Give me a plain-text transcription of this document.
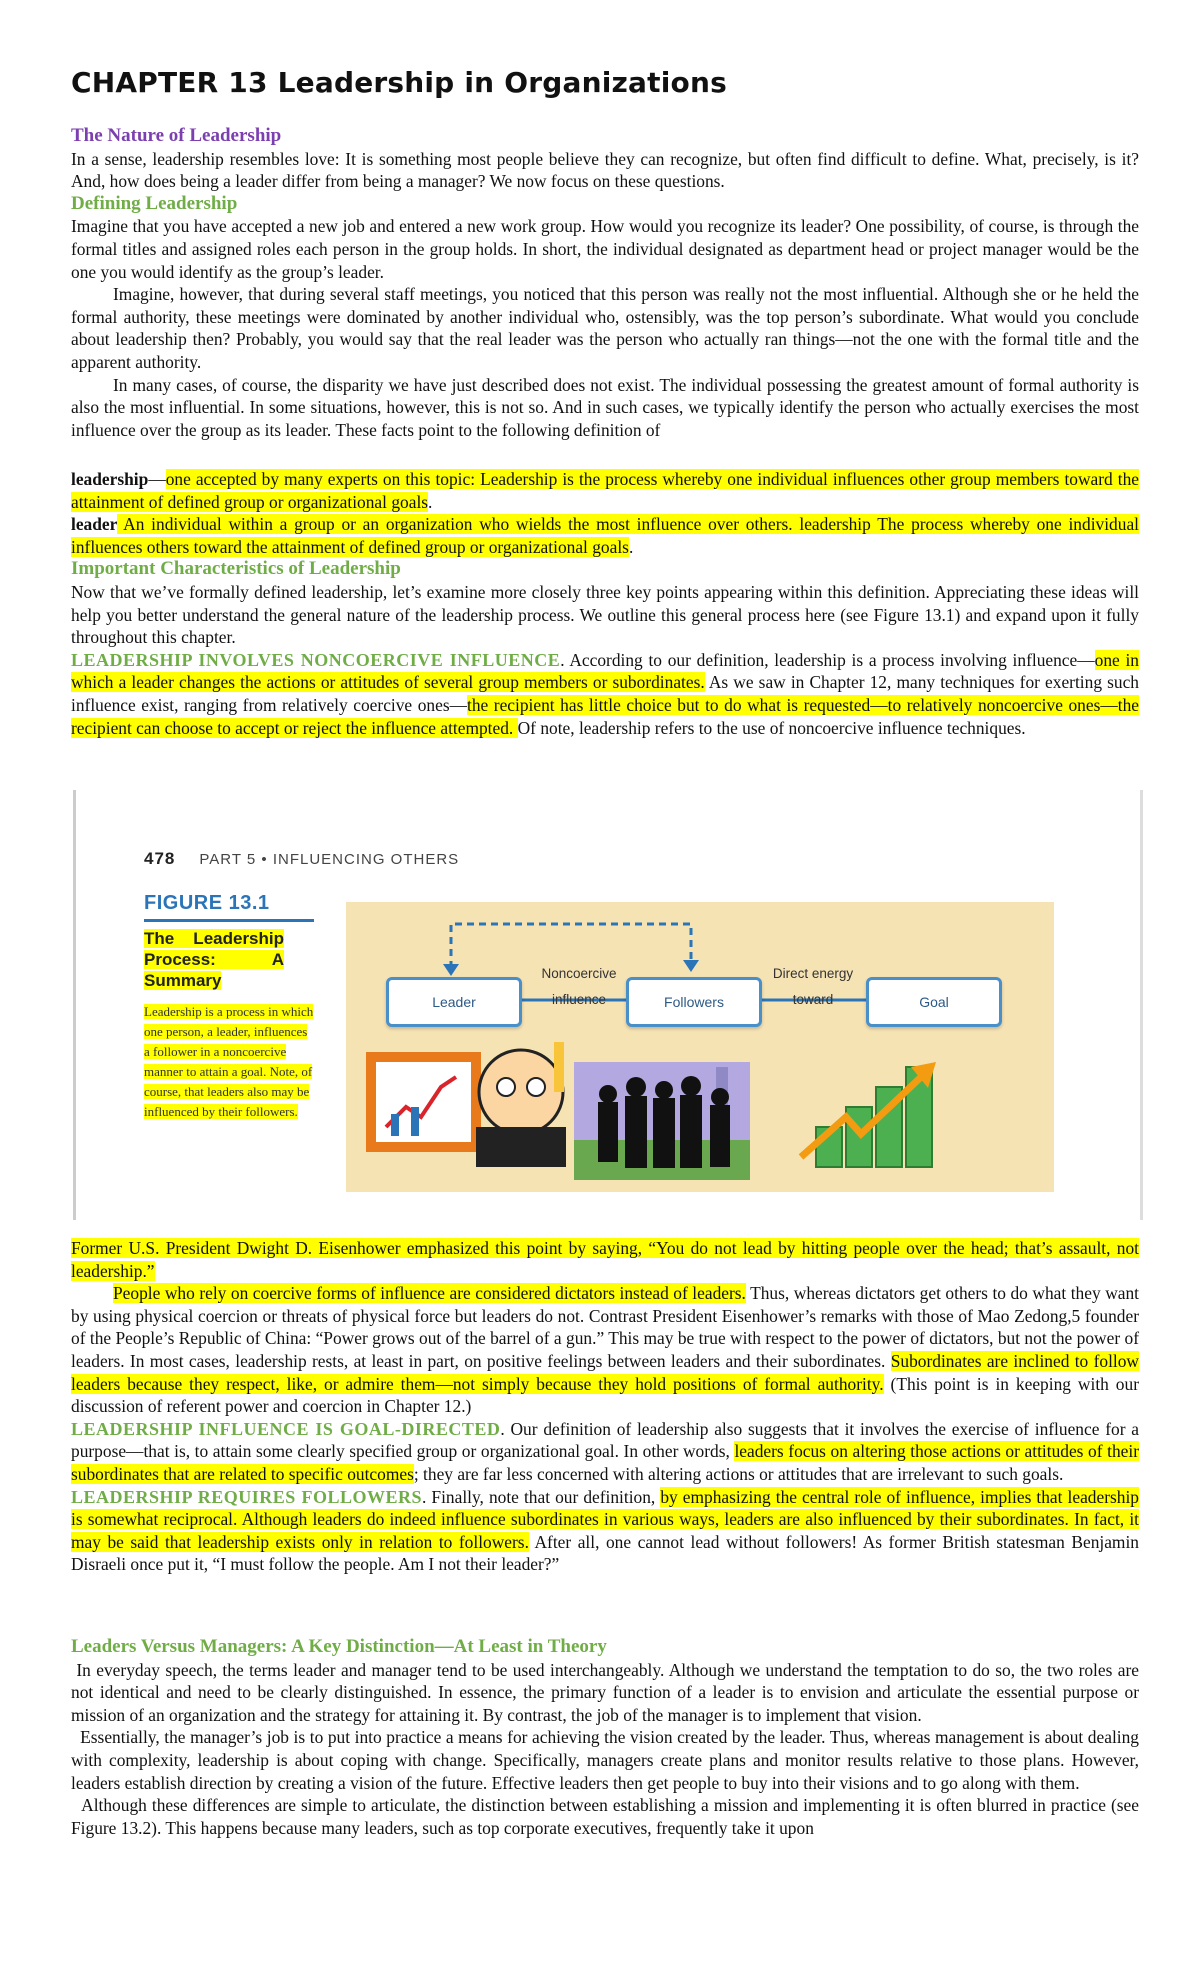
CHAPTER 13 Leadership in Organizations
The Nature of Leadership

In a sense, leadership resembles love: It is something most people believe they can recognize, but often find difficult to define. What, precisely, is it? And, how does being a leader differ from being a manager? We now focus on these questions.

Defining Leadership

Imagine that you have accepted a new job and entered a new work group. How would you recognize its leader? One possibility, of course, is through the formal titles and assigned roles each person in the group holds. In short, the individual designated as department head or project manager would be the one you would identify as the group’s leader.

Imagine, however, that during several staff meetings, you noticed that this person was really not the most influential. Although she or he held the formal authority, these meetings were dominated by another individual who, ostensibly, was the top person’s subordinate. What would you conclude about leadership then? Probably, you would say that the real leader was the person who actually ran things—not the one with the formal title and the apparent authority.

In many cases, of course, the disparity we have just described does not exist. The individual possessing the greatest amount of formal authority is also the most influential. In some situations, however, this is not so. And in such cases, we typically identify the person who actually exercises the most influence over the group as its leader. These facts point to the following definition of

leadership—one accepted by many experts on this topic: Leadership is the process whereby one individual influences other group members toward the attainment of defined group or organizational goals.

leader An individual within a group or an organization who wields the most influence over others. leadership The process whereby one individual influences others toward the attainment of defined group or organizational goals.

Important Characteristics of Leadership

Now that we’ve formally defined leadership, let’s examine more closely three key points appearing within this definition. Appreciating these ideas will help you better understand the general nature of the leadership process. We outline this general process here (see Figure 13.1) and expand upon it fully throughout this chapter.

LEADERSHIP INVOLVES NONCOERCIVE INFLUENCE. According to our definition, leadership is a process involving influence—one in which a leader changes the actions or attitudes of several group members or subordinates. As we saw in Chapter 12, many techniques for exerting such influence exist, ranging from relatively coercive ones—the recipient has little choice but to do what is requested—to relatively noncoercive ones—the recipient can choose to accept or reject the influence attempted. Of note, leadership refers to the use of noncoercive influence techniques.

478 PART 5 • INFLUENCING OTHERS
FIGURE 13.1
The Leadership Process: A Summary
Leadership is a process in which one person, a leader, influences a follower in a noncoercive manner to attain a goal. Note, of course, that leaders also may be influenced by their followers.
Leader	Followers	Goal
Noncoercive
influence
Direct energy
toward

Former U.S. President Dwight D. Eisenhower emphasized this point by saying, “You do not lead by hitting people over the head; that’s assault, not leadership.”

People who rely on coercive forms of influence are considered dictators instead of leaders. Thus, whereas dictators get others to do what they want by using physical coercion or threats of physical force but leaders do not. Contrast President Eisenhower’s remarks with those of Mao Zedong,5 founder of the People’s Republic of China: “Power grows out of the barrel of a gun.” This may be true with respect to the power of dictators, but not the power of leaders. In most cases, leadership rests, at least in part, on positive feelings between leaders and their subordinates. Subordinates are inclined to follow leaders because they respect, like, or admire them—not simply because they hold positions of formal authority. (This point is in keeping with our discussion of referent power and coercion in Chapter 12.)

LEADERSHIP INFLUENCE IS GOAL-DIRECTED. Our definition of leadership also suggests that it involves the exercise of influence for a purpose—that is, to attain some clearly specified group or organizational goal. In other words, leaders focus on altering those actions or attitudes of their subordinates that are related to specific outcomes; they are far less concerned with altering actions or attitudes that are irrelevant to such goals.

LEADERSHIP REQUIRES FOLLOWERS. Finally, note that our definition, by emphasizing the central role of influence, implies that leadership is somewhat reciprocal. Although leaders do indeed influence subordinates in various ways, leaders are also influenced by their subordinates. In fact, it may be said that leadership exists only in relation to followers. After all, one cannot lead without followers! As former British statesman Benjamin Disraeli once put it, “I must follow the people. Am I not their leader?”

Leaders Versus Managers: A Key Distinction—At Least in Theory

In everyday speech, the terms leader and manager tend to be used interchangeably. Although we understand the temptation to do so, the two roles are not identical and need to be clearly distinguished. In essence, the primary function of a leader is to envision and articulate the essential purpose or mission of an organization and the strategy for attaining it. By contrast, the job of the manager is to implement that vision.

Essentially, the manager’s job is to put into practice a means for achieving the vision created by the leader. Thus, whereas management is about dealing with complexity, leadership is about coping with change. Specifically, managers create plans and monitor results relative to those plans. However, leaders establish direction by creating a vision of the future. Effective leaders then get people to buy into their visions and to go along with them.

Although these differences are simple to articulate, the distinction between establishing a mission and implementing it is often blurred in practice (see Figure 13.2). This happens because many leaders, such as top corporate executives, frequently take it upon
